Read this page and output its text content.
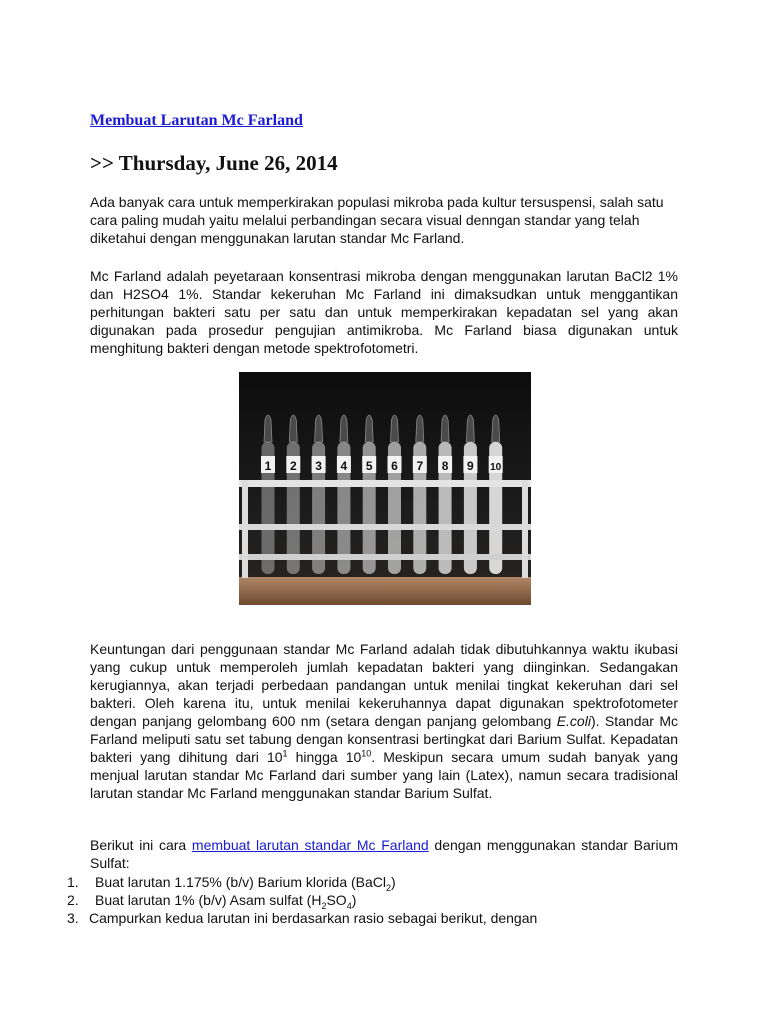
Membuat Larutan Mc Farland
>> Thursday, June 26, 2014

Ada banyak cara untuk memperkirakan populasi mikroba pada kultur tersuspensi, salah satu cara paling mudah yaitu melalui perbandingan secara visual denngan standar yang telah diketahui dengan menggunakan larutan standar Mc Farland.

Mc Farland adalah peyetaraan konsentrasi mikroba dengan menggunakan larutan BaCl2 1% dan H2SO4 1%. Standar kekeruhan Mc Farland ini dimaksudkan untuk menggantikan perhitungan bakteri satu per satu dan untuk memperkirakan kepadatan sel yang akan digunakan pada prosedur pengujian antimikroba. Mc Farland biasa digunakan untuk menghitung bakteri dengan metode spektrofotometri.

1 2 3 4 5 6 7 8 9 10

Keuntungan dari penggunaan standar Mc Farland adalah tidak dibutuhkannya waktu ikubasi yang cukup untuk memperoleh jumlah kepadatan bakteri yang diinginkan. Sedangakan kerugiannya, akan terjadi perbedaan pandangan untuk menilai tingkat kekeruhan dari sel bakteri. Oleh karena itu, untuk menilai kekeruhannya dapat digunakan spektrofotometer dengan panjang gelombang 600 nm (setara dengan panjang gelombang E.coli). Standar Mc Farland meliputi satu set tabung dengan konsentrasi bertingkat dari Barium Sulfat. Kepadatan bakteri yang dihitung dari $10^1$ hingga $10^{10}$. Meskipun secara umum sudah banyak yang menjual larutan standar Mc Farland dari sumber yang lain (Latex), namun secara tradisional larutan standar Mc Farland menggunakan standar Barium Sulfat.

Berikut ini cara membuat larutan standar Mc Farland dengan menggunakan standar Barium Sulfat:

1. Buat larutan 1.175% (b/v) Barium klorida (BaCl$_2$)
2. Buat larutan 1% (b/v) Asam sulfat $(H_2SO_4)$
3. Campurkan kedua larutan ini berdasarkan rasio sebagai berikut, dengan
